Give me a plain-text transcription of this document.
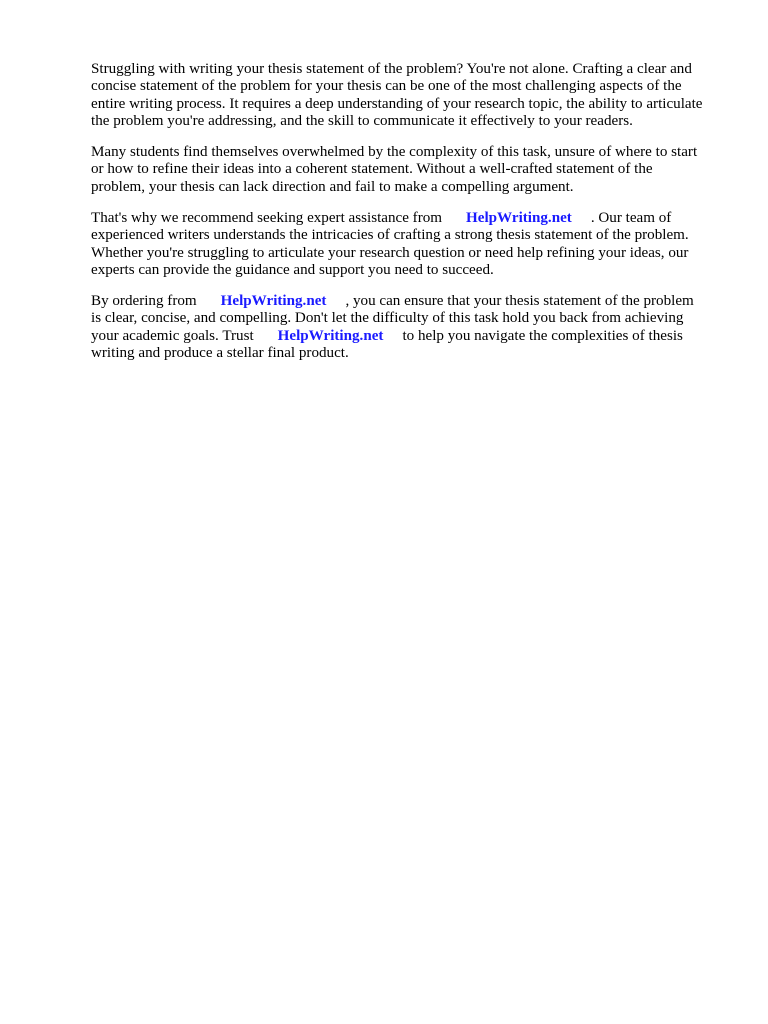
Struggling with writing your thesis statement of the problem? You're not alone. Crafting a clear and
concise statement of the problem for your thesis can be one of the most challenging aspects of the
entire writing process. It requires a deep understanding of your research topic, the ability to articulate
the problem you're addressing, and the skill to communicate it effectively to your readers.
Many students find themselves overwhelmed by the complexity of this task, unsure of where to start
or how to refine their ideas into a coherent statement. Without a well-crafted statement of the
problem, your thesis can lack direction and fail to make a compelling argument.
That's why we recommend seeking expert assistance from HelpWriting.net . Our team of
experienced writers understands the intricacies of crafting a strong thesis statement of the problem.
Whether you're struggling to articulate your research question or need help refining your ideas, our
experts can provide the guidance and support you need to succeed.
By ordering from HelpWriting.net , you can ensure that your thesis statement of the problem
is clear, concise, and compelling. Don't let the difficulty of this task hold you back from achieving
your academic goals. Trust HelpWriting.net to help you navigate the complexities of thesis
writing and produce a stellar final product.
